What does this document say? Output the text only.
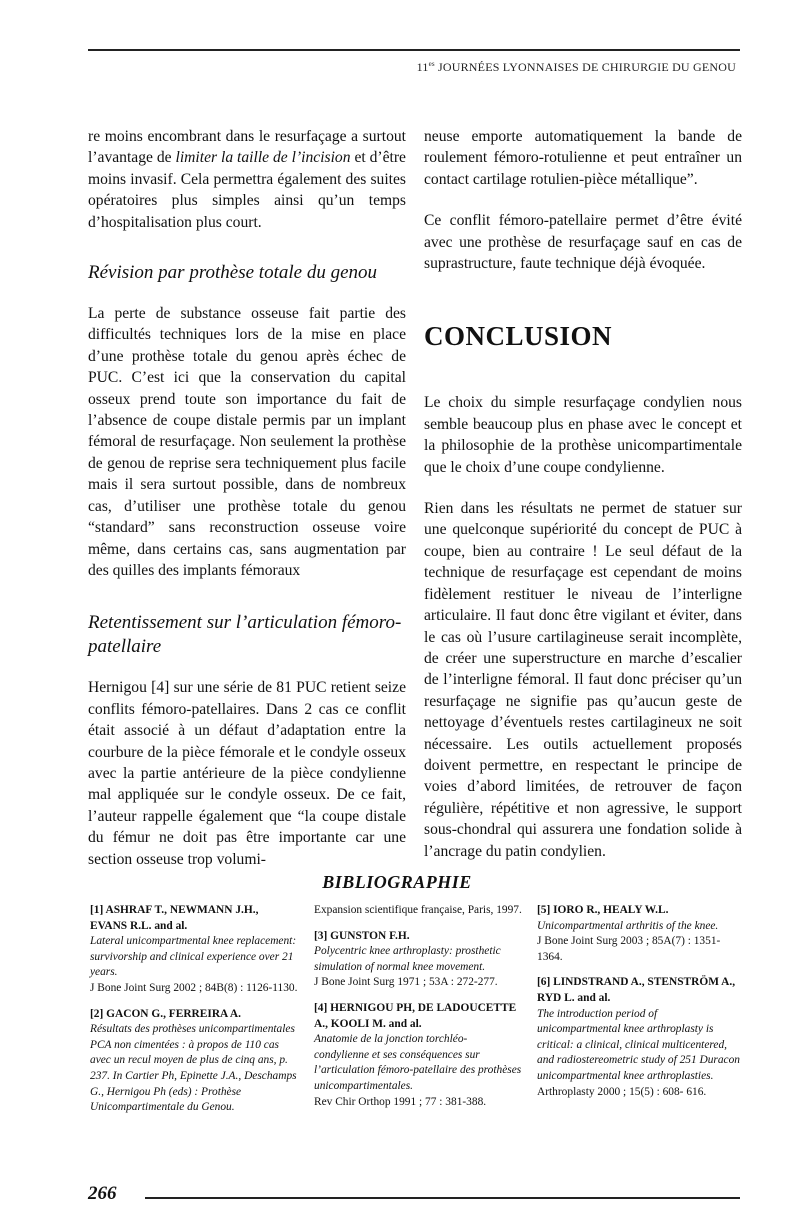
$11^{es}$ JOURNÉES LYONNAISES DE CHIRURGIE DU GENOU

re moins encombrant dans le resurfaçage a surtout l’avantage de limiter la taille de l’incision et d’être moins invasif. Cela permettra également des suites opératoires plus simples ainsi qu’un temps d’hospitalisation plus court.

Révision par prothèse totale du genou

La perte de substance osseuse fait partie des difficultés techniques lors de la mise en place d’une prothèse totale du genou après échec de PUC. C’est ici que la conservation du capital osseux prend toute son importance du fait de l’absence de coupe distale permis par un implant fémoral de resurfaçage. Non seulement la prothèse de genou de reprise sera techniquement plus facile mais il sera surtout possible, dans de nombreux cas, d’utiliser une prothèse totale du genou “standard” sans reconstruction osseuse voire même, dans certains cas, sans augmentation par des quilles des implants fémoraux

Retentissement sur l’articulation fémoro-patellaire

Hernigou [4] sur une série de 81 PUC retient seize conflits fémoro-patellaires. Dans 2 cas ce conflit était associé à un défaut d’adaptation entre la courbure de la pièce fémorale et le condyle osseux avec la partie antérieure de la pièce condylienne mal appliquée sur le condyle osseux. De ce fait, l’auteur rappelle également que “la coupe distale du fémur ne doit pas être importante car une section osseuse trop volumi-

neuse emporte automatiquement la bande de roulement fémoro-rotulienne et peut entraîner un contact cartilage rotulien-pièce métallique”.

Ce conflit fémoro-patellaire permet d’être évité avec une prothèse de resurfaçage sauf en cas de suprastructure, faute technique déjà évoquée.

CONCLUSION

Le choix du simple resurfaçage condylien nous semble beaucoup plus en phase avec le concept et la philosophie de la prothèse unicompartimentale que le choix d’une coupe condylienne.

Rien dans les résultats ne permet de statuer sur une quelconque supériorité du concept de PUC à coupe, bien au contraire ! Le seul défaut de la technique de resurfaçage est cependant de moins fidèlement restituer le niveau de l’interligne articulaire. Il faut donc être vigilant et éviter, dans le cas où l’usure cartilagineuse serait incomplète, de créer une superstructure en marche d’escalier de l’interligne fémoral. Il faut donc préciser qu’un resurfaçage ne signifie pas qu’aucun geste de nettoyage d’éventuels restes cartilagineux ne soit nécessaire. Les outils actuellement proposés doivent permettre, en respectant le principe de voies d’abord limitées, de retrouver de façon régulière, répétitive et non agressive, le support sous-chondral qui assurera une fondation solide à l’ancrage du patin condylien.

BIBLIOGRAPHIE
[1] ASHRAF T., NEWMANN J.H., EVANS R.L. and al.
Lateral unicompartmental knee replacement: survivorship and clinical experience over 21 years.
J Bone Joint Surg 2002 ; 84B(8) : 1126-1130.
[2] GACON G., FERREIRA A.
Résultats des prothèses unicompartimentales PCA non cimentées : à propos de 110 cas avec un recul moyen de plus de cinq ans, p. 237. In Cartier Ph, Epinette J.A., Deschamps G., Hernigou Ph (eds) : Prothèse Unicompartimentale du Genou.
Expansion scientifique française, Paris, 1997.
[3] GUNSTON F.H.
Polycentric knee arthroplasty: prosthetic simulation of normal knee movement.
J Bone Joint Surg 1971 ; 53A : 272-277.
[4] HERNIGOU PH, DE LADOUCETTE A., KOOLI M. and al.
Anatomie de la jonction torchléo-condylienne et ses conséquences sur l’articulation fémoro-patellaire des prothèses unicompartimentales.
Rev Chir Orthop 1991 ; 77 : 381-388.
[5] IORO R., HEALY W.L.
Unicompartmental arthritis of the knee.
J Bone Joint Surg 2003 ; 85A(7) : 1351-1364.
[6] LINDSTRAND A., STENSTRÖM A., RYD L. and al.
The introduction period of unicompartmental knee arthroplasty is critical: a clinical, clinical multicentered, and radiostereometric study of 251 Duracon unicompartmental knee arthroplasties.
Arthroplasty 2000 ; 15(5) : 608- 616.
266
